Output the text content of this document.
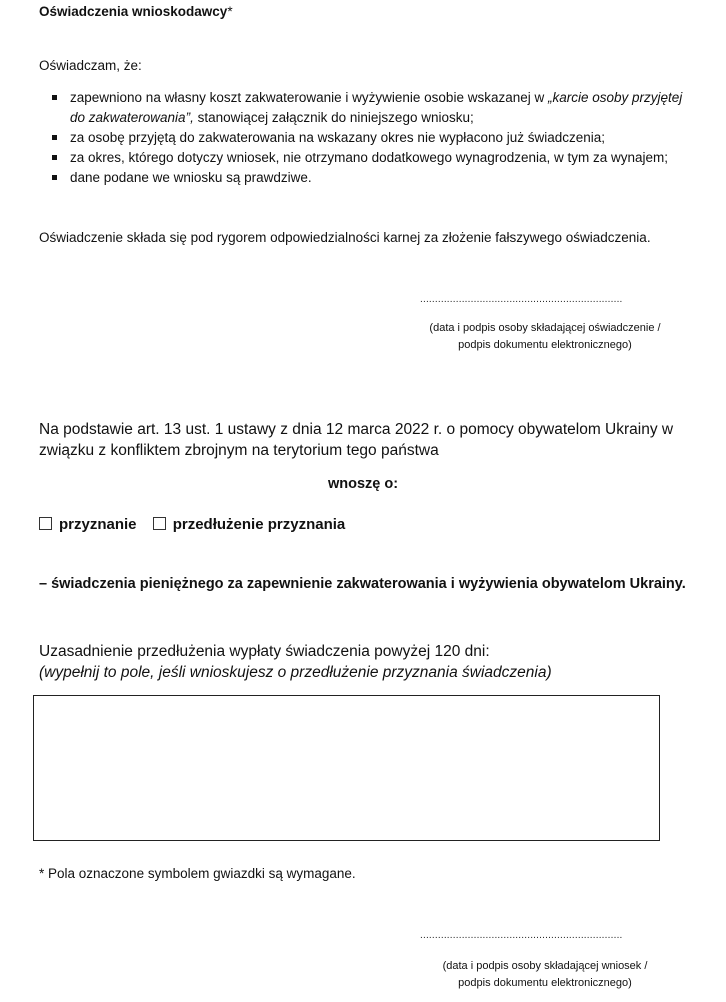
Oświadczenia wnioskodawcy*
Oświadczam, że:
zapewniono na własny koszt zakwaterowanie i wyżywienie osobie wskazanej w „karcie osoby przyjętej do zakwaterowania”, stanowiącej załącznik do niniejszego wniosku;
za osobę przyjętą do zakwaterowania na wskazany okres nie wypłacono już świadczenia;
za okres, którego dotyczy wniosek, nie otrzymano dodatkowego wynagrodzenia, w tym za wynajem;
dane podane we wniosku są prawdziwe.
Oświadczenie składa się pod rygorem odpowiedzialności karnej za złożenie fałszywego oświadczenia.
....................................................................
(data i podpis osoby składającej oświadczenie /
podpis dokumentu elektronicznego)
Na podstawie art. 13 ust. 1 ustawy z dnia 12 marca 2022 r. o pomocy obywatelom Ukrainy w związku z konfliktem zbrojnym na terytorium tego państwa
wnoszę o:
przyznanie przedłużenie przyznania
– świadczenia pieniężnego za zapewnienie zakwaterowania i wyżywienia obywatelom Ukrainy.
Uzasadnienie przedłużenia wypłaty świadczenia powyżej 120 dni:
(wypełnij to pole, jeśli wnioskujesz o przedłużenie przyznania świadczenia)
* Pola oznaczone symbolem gwiazdki są wymagane.
....................................................................
(data i podpis osoby składającej wniosek /
podpis dokumentu elektronicznego)
